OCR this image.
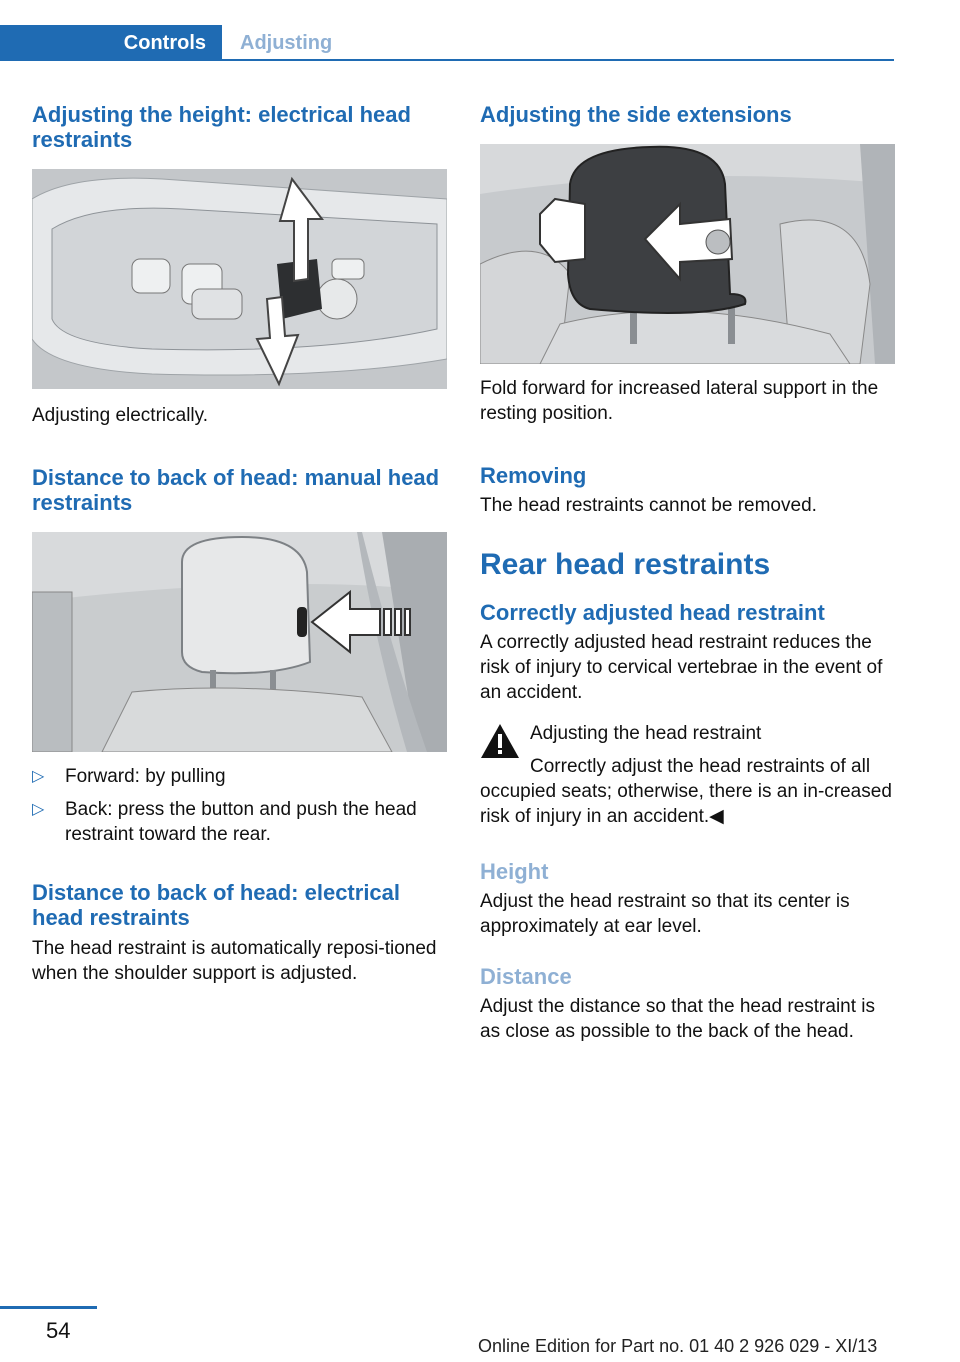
Controls	Adjusting
Adjusting the height: electrical head restraints

Adjusting electrically.

Distance to back of head: manual head restraints
▷ Forward: by pulling
▷ Back: press the button and push the head restraint toward the rear.
Distance to back of head: electrical head restraints

The head restraint is automatically reposi-tioned when the shoulder support is adjusted.

Adjusting the side extensions

Fold forward for increased lateral support in the resting position.

Removing

The head restraints cannot be removed.

Rear head restraints
Correctly adjusted head restraint

A correctly adjusted head restraint reduces the risk of injury to cervical vertebrae in the event of an accident.

Adjusting the head restraint

Correctly adjust the head restraints of all

occupied seats; otherwise, there is an in-creased risk of injury in an accident.◀

Height

Adjust the head restraint so that its center is approximately at ear level.

Distance

Adjust the distance so that the head restraint is as close as possible to the back of the head.

54
Online Edition for Part no. 01 40 2 926 029 - XI/13
